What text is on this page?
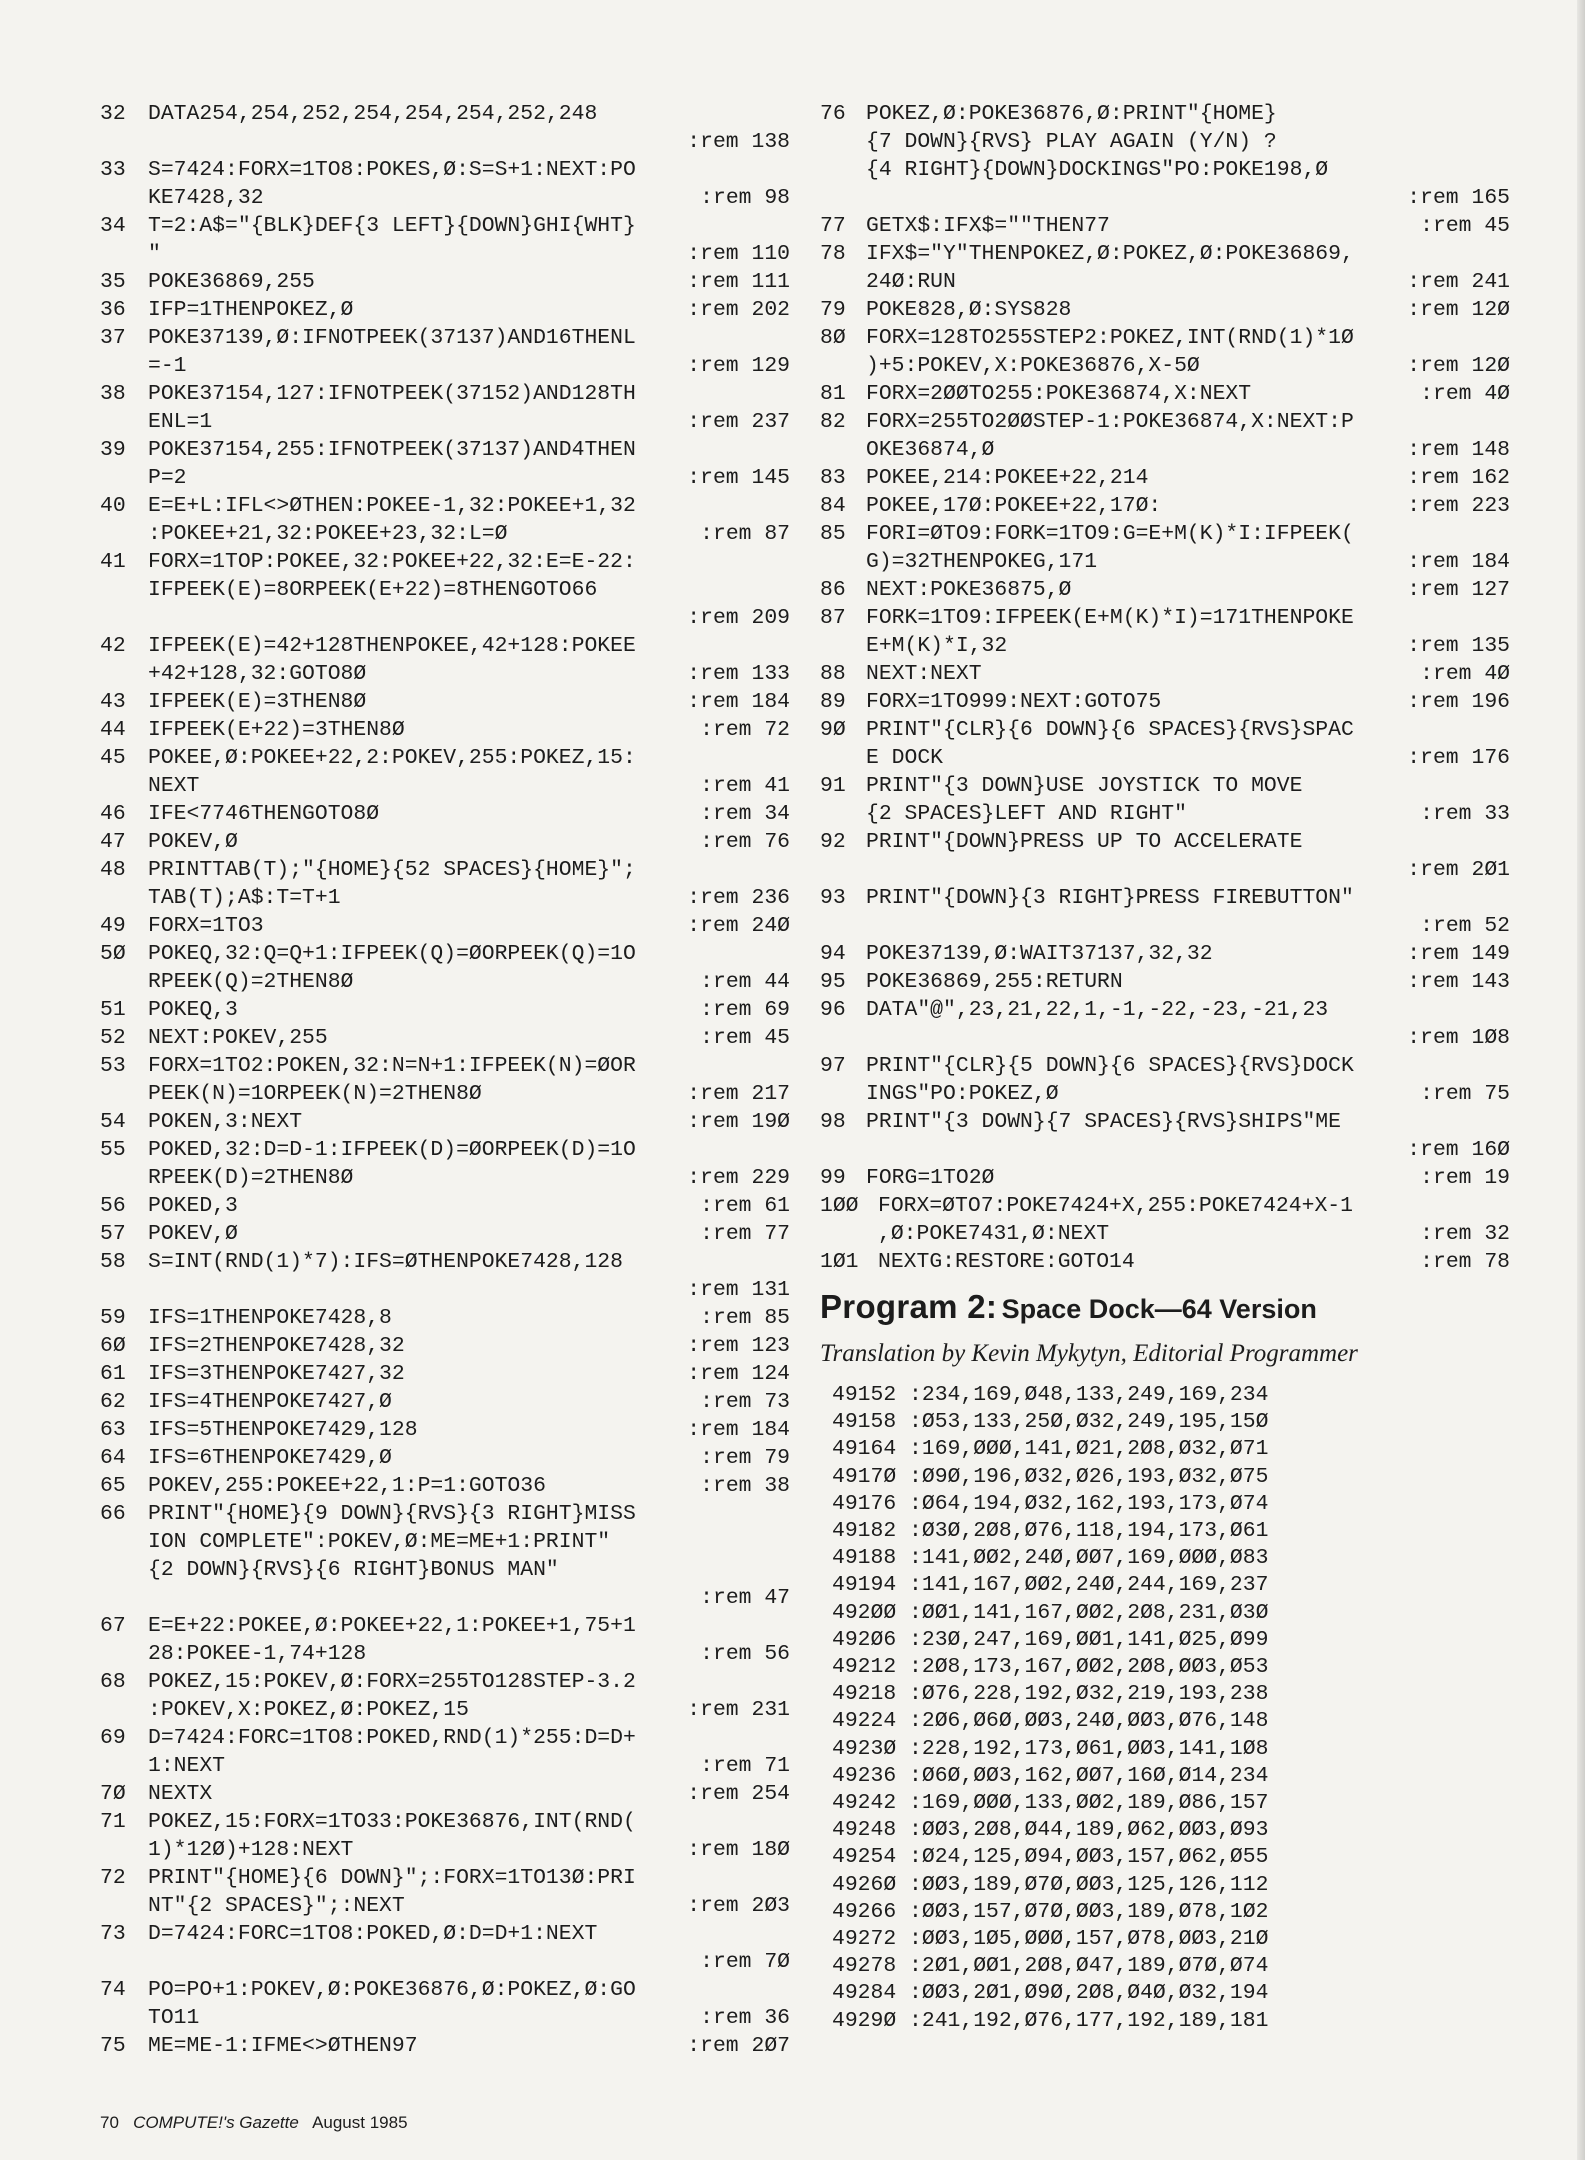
32	DATA254,254,252,254,254,254,252,248
:rem 138
33	S=7424:FORX=1TO8:POKES,Ø:S=S+1:NEXT:PO
KE7428,32	:rem 98
34	T=2:A$="{BLK}DEF{3 LEFT}{DOWN}GHI{WHT}
"	:rem 110
35	POKE36869,255	:rem 111
36	IFP=1THENPOKEZ,Ø	:rem 202
37	POKE37139,Ø:IFNOTPEEK(37137)AND16THENL
=-1	:rem 129
38	POKE37154,127:IFNOTPEEK(37152)AND128TH
ENL=1	:rem 237
39	POKE37154,255:IFNOTPEEK(37137)AND4THEN
P=2	:rem 145
40	E=E+L:IFL<>ØTHEN:POKEE-1,32:POKEE+1,32
:POKEE+21,32:POKEE+23,32:L=Ø	:rem 87
41	FORX=1TOP:POKEE,32:POKEE+22,32:E=E-22:
IFPEEK(E)=8ORPEEK(E+22)=8THENGOTO66
:rem 209
42	IFPEEK(E)=42+128THENPOKEE,42+128:POKEE
+42+128,32:GOTO8Ø	:rem 133
43	IFPEEK(E)=3THEN8Ø	:rem 184
44	IFPEEK(E+22)=3THEN8Ø	:rem 72
45	POKEE,Ø:POKEE+22,2:POKEV,255:POKEZ,15:
NEXT	:rem 41
46	IFE<7746THENGOTO8Ø	:rem 34
47	POKEV,Ø	:rem 76
48	PRINTTAB(T);"{HOME}{52 SPACES}{HOME}";
TAB(T);A$:T=T+1	:rem 236
49	FORX=1TO3	:rem 24Ø
5Ø	POKEQ,32:Q=Q+1:IFPEEK(Q)=ØORPEEK(Q)=1O
RPEEK(Q)=2THEN8Ø	:rem 44
51	POKEQ,3	:rem 69
52	NEXT:POKEV,255	:rem 45
53	FORX=1TO2:POKEN,32:N=N+1:IFPEEK(N)=ØOR
PEEK(N)=1ORPEEK(N)=2THEN8Ø	:rem 217
54	POKEN,3:NEXT	:rem 19Ø
55	POKED,32:D=D-1:IFPEEK(D)=ØORPEEK(D)=1O
RPEEK(D)=2THEN8Ø	:rem 229
56	POKED,3	:rem 61
57	POKEV,Ø	:rem 77
58	S=INT(RND(1)*7):IFS=ØTHENPOKE7428,128
:rem 131
59	IFS=1THENPOKE7428,8	:rem 85
6Ø	IFS=2THENPOKE7428,32	:rem 123
61	IFS=3THENPOKE7427,32	:rem 124
62	IFS=4THENPOKE7427,Ø	:rem 73
63	IFS=5THENPOKE7429,128	:rem 184
64	IFS=6THENPOKE7429,Ø	:rem 79
65	POKEV,255:POKEE+22,1:P=1:GOTO36	:rem 38
66	PRINT"{HOME}{9 DOWN}{RVS}{3 RIGHT}MISS
ION COMPLETE":POKEV,Ø:ME=ME+1:PRINT"
{2 DOWN}{RVS}{6 RIGHT}BONUS MAN"
:rem 47
67	E=E+22:POKEE,Ø:POKEE+22,1:POKEE+1,75+1
28:POKEE-1,74+128	:rem 56
68	POKEZ,15:POKEV,Ø:FORX=255TO128STEP-3.2
:POKEV,X:POKEZ,Ø:POKEZ,15	:rem 231
69	D=7424:FORC=1TO8:POKED,RND(1)*255:D=D+
1:NEXT	:rem 71
7Ø	NEXTX	:rem 254
71	POKEZ,15:FORX=1TO33:POKE36876,INT(RND(
1)*12Ø)+128:NEXT	:rem 18Ø
72	PRINT"{HOME}{6 DOWN}";:FORX=1TO13Ø:PRI
NT"{2 SPACES}";:NEXT	:rem 2Ø3
73	D=7424:FORC=1TO8:POKED,Ø:D=D+1:NEXT
:rem 7Ø
74	PO=PO+1:POKEV,Ø:POKE36876,Ø:POKEZ,Ø:GO
TO11	:rem 36
75	ME=ME-1:IFME<>ØTHEN97	:rem 2Ø7
76 POKEZ,Ø:POKE36876,Ø:PRINT"{HOME}
{7 DOWN}{RVS} PLAY AGAIN (Y/N) ?
{4 RIGHT}{DOWN}DOCKINGS"PO:POKE198,Ø
:rem 165
77 GETX$:IFX$=""THEN77	:rem 45
78 IFX$="Y"THENPOKEZ,Ø:POKEZ,Ø:POKE36869,
24Ø:RUN	:rem 241
79 POKE828,Ø:SYS828	:rem 12Ø
8Ø FORX=128TO255STEP2:POKEZ,INT(RND(1)*1Ø
)+5:POKEV,X:POKE36876,X-5Ø	:rem 12Ø
81 FORX=2ØØTO255:POKE36874,X:NEXT	:rem 4Ø
82 FORX=255TO2ØØSTEP-1:POKE36874,X:NEXT:P
OKE36874,Ø	:rem 148
83 POKEE,214:POKEE+22,214	:rem 162
84 POKEE,17Ø:POKEE+22,17Ø:	:rem 223
85 FORI=ØTO9:FORK=1TO9:G=E+M(K)*I:IFPEEK(
G)=32THENPOKEG,171	:rem 184
86 NEXT:POKE36875,Ø	:rem 127
87 FORK=1TO9:IFPEEK(E+M(K)*I)=171THENPOKE
E+M(K)*I,32	:rem 135
88 NEXT:NEXT	:rem 4Ø
89 FORX=1TO999:NEXT:GOTO75	:rem 196
9Ø PRINT"{CLR}{6 DOWN}{6 SPACES}{RVS}SPAC
E DOCK	:rem 176
91 PRINT"{3 DOWN}USE JOYSTICK TO MOVE
{2 SPACES}LEFT AND RIGHT"	:rem 33
92 PRINT"{DOWN}PRESS UP TO ACCELERATE
:rem 2Ø1
93 PRINT"{DOWN}{3 RIGHT}PRESS FIREBUTTON"
:rem 52
94 POKE37139,Ø:WAIT37137,32,32	:rem 149
95 POKE36869,255:RETURN	:rem 143
96 DATA"@",23,21,22,1,-1,-22,-23,-21,23
:rem 1Ø8
97 PRINT"{CLR}{5 DOWN}{6 SPACES}{RVS}DOCK
INGS"PO:POKEZ,Ø	:rem 75
98 PRINT"{3 DOWN}{7 SPACES}{RVS}SHIPS"ME
:rem 16Ø
99 FORG=1TO2Ø	:rem 19
1ØØ FORX=ØTO7:POKE7424+X,255:POKE7424+X-1
,Ø:POKE7431,Ø:NEXT	:rem 32
1Ø1 NEXTG:RESTORE:GOTO14	:rem 78
Program 2: Space Dock—64 Version
Translation by Kevin Mykytyn, Editorial Programmer
49152 :234,169,Ø48,133,249,169,234
49158 :Ø53,133,25Ø,Ø32,249,195,15Ø
49164 :169,ØØØ,141,Ø21,2Ø8,Ø32,Ø71
4917Ø :Ø9Ø,196,Ø32,Ø26,193,Ø32,Ø75
49176 :Ø64,194,Ø32,162,193,173,Ø74
49182 :Ø3Ø,2Ø8,Ø76,118,194,173,Ø61
49188 :141,ØØ2,24Ø,ØØ7,169,ØØØ,Ø83
49194 :141,167,ØØ2,24Ø,244,169,237
492ØØ :ØØ1,141,167,ØØ2,2Ø8,231,Ø3Ø
492Ø6 :23Ø,247,169,ØØ1,141,Ø25,Ø99
49212 :2Ø8,173,167,ØØ2,2Ø8,ØØ3,Ø53
49218 :Ø76,228,192,Ø32,219,193,238
49224 :2Ø6,Ø6Ø,ØØ3,24Ø,ØØ3,Ø76,148
4923Ø :228,192,173,Ø61,ØØ3,141,1Ø8
49236 :Ø6Ø,ØØ3,162,ØØ7,16Ø,Ø14,234
49242 :169,ØØØ,133,ØØ2,189,Ø86,157
49248 :ØØ3,2Ø8,Ø44,189,Ø62,ØØ3,Ø93
49254 :Ø24,125,Ø94,ØØ3,157,Ø62,Ø55
4926Ø :ØØ3,189,Ø7Ø,ØØ3,125,126,112
49266 :ØØ3,157,Ø7Ø,ØØ3,189,Ø78,1Ø2
49272 :ØØ3,1Ø5,ØØØ,157,Ø78,ØØ3,21Ø
49278 :2Ø1,ØØ1,2Ø8,Ø47,189,Ø7Ø,Ø74
49284 :ØØ3,2Ø1,Ø9Ø,2Ø8,Ø4Ø,Ø32,194
4929Ø :241,192,Ø76,177,192,189,181
70 COMPUTE!'s Gazette August 1985
